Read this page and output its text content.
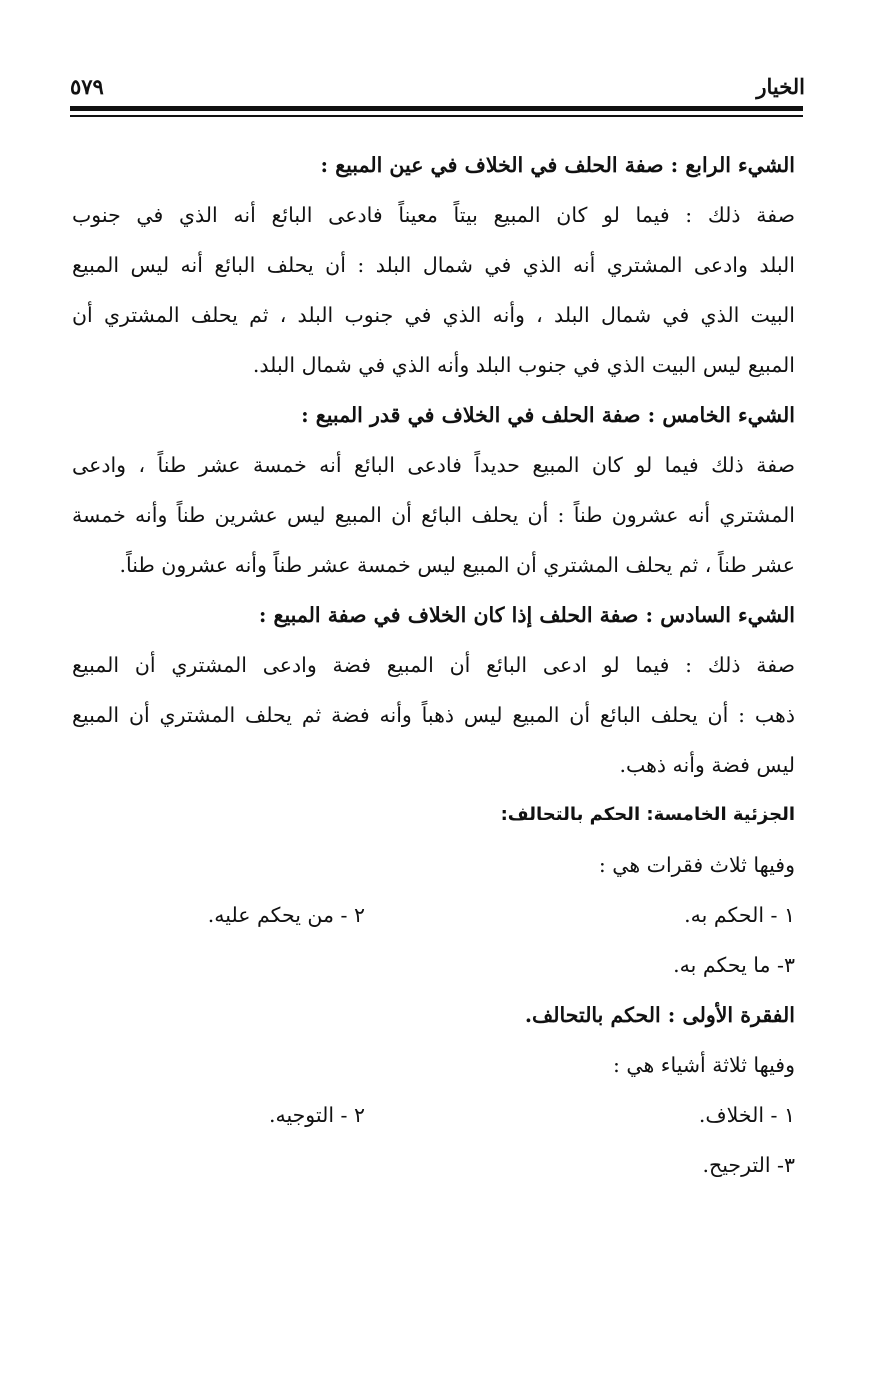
الخيار
٥٧٩
الشيء الرابع : صفة الحلف في الخلاف في عين المبيع :
صفة ذلك : فيما لو كان المبيع بيتاً معيناً فادعى البائع أنه الذي في جنوب
البلد وادعى المشتري أنه الذي في شمال البلد : أن يحلف البائع أنه ليس المبيع
البيت الذي في شمال البلد ، وأنه الذي في جنوب البلد ، ثم يحلف المشتري أن
المبيع ليس البيت الذي في جنوب البلد وأنه الذي في شمال البلد.
الشيء الخامس : صفة الحلف في الخلاف في قدر المبيع :
صفة ذلك فيما لو كان المبيع حديداً فادعى البائع أنه خمسة عشر طناً ، وادعى
المشتري أنه عشرون طناً : أن يحلف البائع أن المبيع ليس عشرين طناً وأنه خمسة
عشر طناً ، ثم يحلف المشتري أن المبيع ليس خمسة عشر طناً وأنه عشرون طناً.
الشيء السادس : صفة الحلف إذا كان الخلاف في صفة المبيع :
صفة ذلك : فيما لو ادعى البائع أن المبيع فضة وادعى المشتري أن المبيع
ذهب : أن يحلف البائع أن المبيع ليس ذهباً وأنه فضة ثم يحلف المشتري أن المبيع
ليس فضة وأنه ذهب.
الجزئية الخامسة: الحكم بالتحالف:
وفيها ثلاث فقرات هي :
١ - الحكم به.
٢ - من يحكم عليه.
٣- ما يحكم به.
الفقرة الأولى : الحكم بالتحالف.
وفيها ثلاثة أشياء هي :
١ - الخلاف.
٢ - التوجيه.
٣- الترجيح.
